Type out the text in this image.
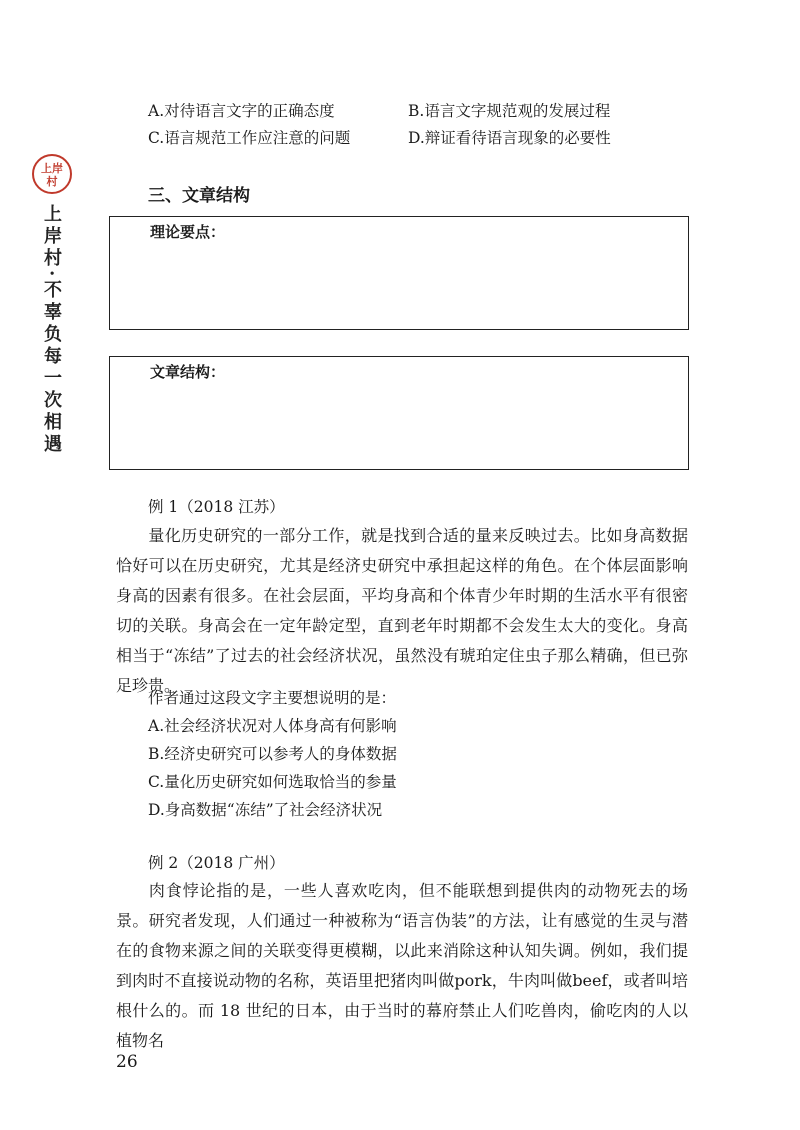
上岸
村
上岸村·不辜负每一次相遇
A.对待语言文字的正确态度	B.语言文字规范观的发展过程
C.语言规范工作应注意的问题	D.辩证看待语言现象的必要性
三、文章结构
理论要点：
文章结构：
例 1（2018 江苏）
量化历史研究的一部分工作，就是找到合适的量来反映过去。比如身高数据恰好可以在历史研究，尤其是经济史研究中承担起这样的角色。在个体层面影响身高的因素有很多。在社会层面，平均身高和个体青少年时期的生活水平有很密切的关联。身高会在一定年龄定型，直到老年时期都不会发生太大的变化。身高相当于“冻结”了过去的社会经济状况，虽然没有琥珀定住虫子那么精确，但已弥足珍贵。
作者通过这段文字主要想说明的是：
A.社会经济状况对人体身高有何影响
B.经济史研究可以参考人的身体数据
C.量化历史研究如何选取恰当的参量
D.身高数据“冻结”了社会经济状况
例 2（2018 广州）
肉食悖论指的是，一些人喜欢吃肉，但不能联想到提供肉的动物死去的场景。研究者发现，人们通过一种被称为“语言伪装”的方法，让有感觉的生灵与潜在的食物来源之间的关联变得更模糊，以此来消除这种认知失调。例如，我们提到肉时不直接说动物的名称，英语里把猪肉叫做pork，牛肉叫做beef，或者叫培根什么的。而 18 世纪的日本，由于当时的幕府禁止人们吃兽肉，偷吃肉的人以植物名
26
